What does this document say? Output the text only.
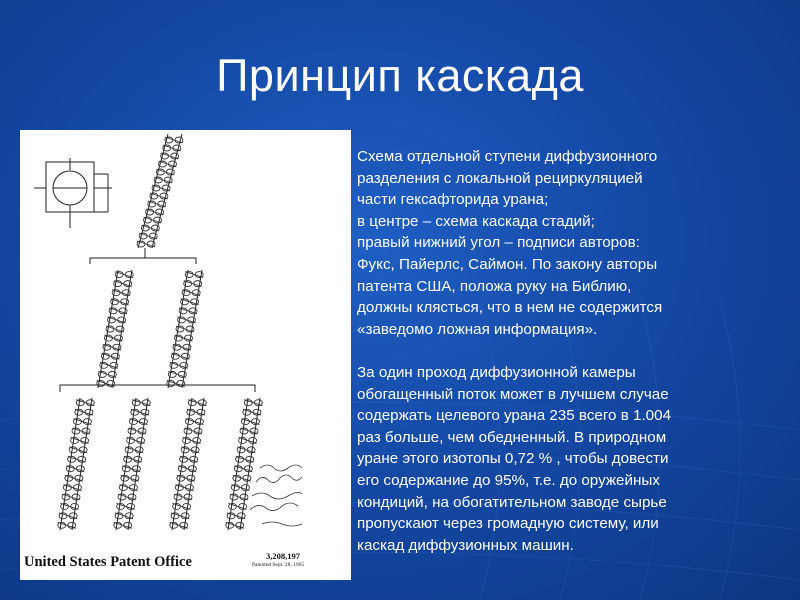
Принцип каскада
United States Patent Office	3,208,197
Patented Sept. 28, 1965
Схема отдельной ступени диффузионного
разделения с локальной рециркуляцией
части гексафторида урана;
в центре – схема каскада стадий;
правый нижний угол – подписи авторов:
Фукс, Пайерлс, Саймон. По закону авторы
патента США, положа руку на Библию,
должны клясться, что в нем не содержится
«заведомо ложная информация».
За один проход диффузионной камеры
обогащенный поток может в лучшем случае
содержать целевого урана 235 всего в 1.004
раз больше, чем обедненный. В природном
уране этого изотопы 0,72 % , чтобы довести
его содержание до 95%, т.е. до оружейных
кондиций, на обогатительном заводе сырье
пропускают через громадную систему, или
каскад диффузионных машин.
